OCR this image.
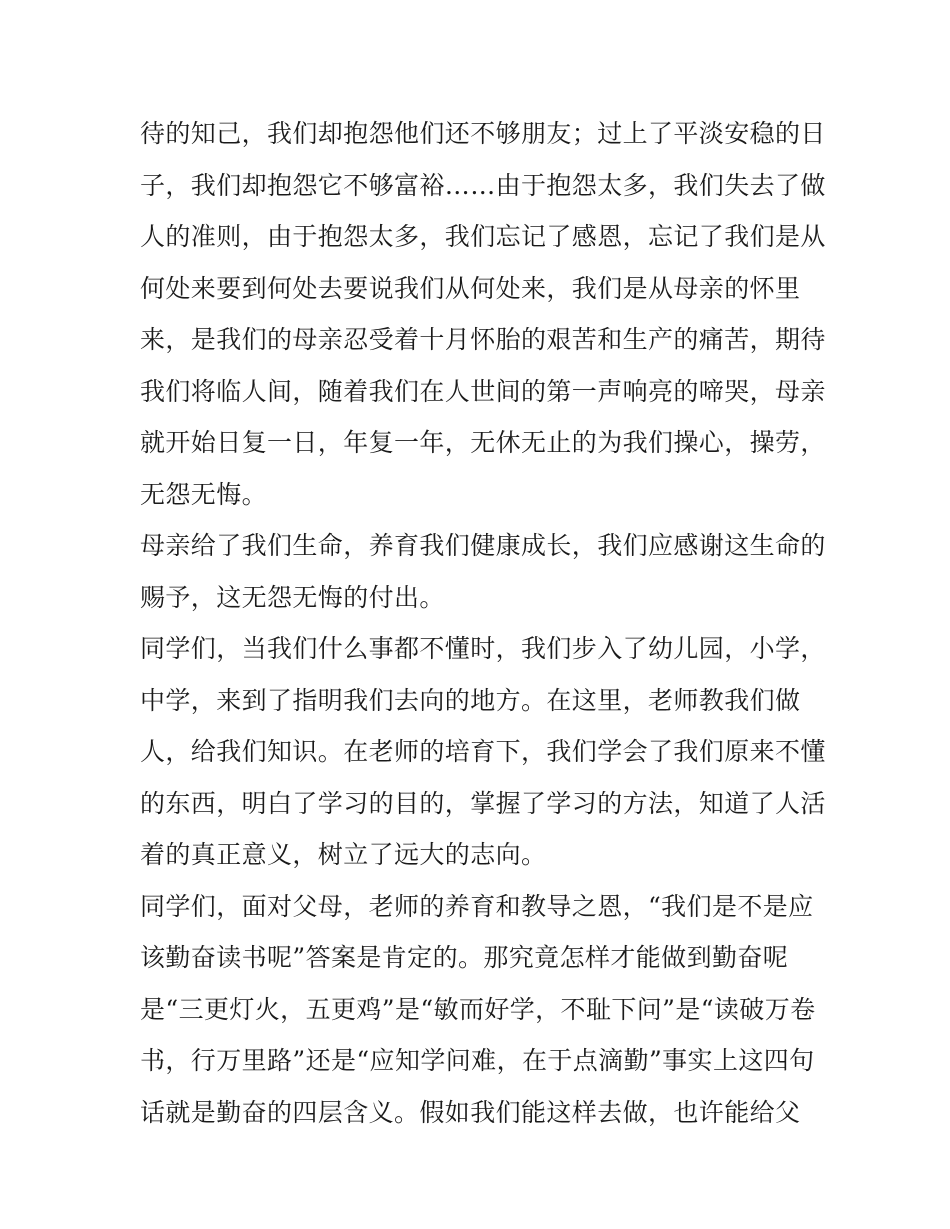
待的知己，我们却抱怨他们还不够朋友；过上了平淡安稳的日
子，我们却抱怨它不够富裕……由于抱怨太多，我们失去了做
人的准则，由于抱怨太多，我们忘记了感恩，忘记了我们是从
何处来要到何处去要说我们从何处来，我们是从母亲的怀里
来，是我们的母亲忍受着十月怀胎的艰苦和生产的痛苦，期待
我们将临人间，随着我们在人世间的第一声响亮的啼哭，母亲
就开始日复一日，年复一年，无休无止的为我们操心，操劳，
无怨无悔。
母亲给了我们生命，养育我们健康成长，我们应感谢这生命的
赐予，这无怨无悔的付出。
同学们，当我们什么事都不懂时，我们步入了幼儿园，小学，
中学，来到了指明我们去向的地方。在这里，老师教我们做
人，给我们知识。在老师的培育下，我们学会了我们原来不懂
的东西，明白了学习的目的，掌握了学习的方法，知道了人活
着的真正意义，树立了远大的志向。
同学们，面对父母，老师的养育和教导之恩，“我们是不是应
该勤奋读书呢”答案是肯定的。那究竟怎样才能做到勤奋呢
是“三更灯火，五更鸡”是“敏而好学，不耻下问”是“读破万卷
书，行万里路”还是“应知学问难，在于点滴勤”事实上这四句
话就是勤奋的四层含义。假如我们能这样去做，也许能给父
